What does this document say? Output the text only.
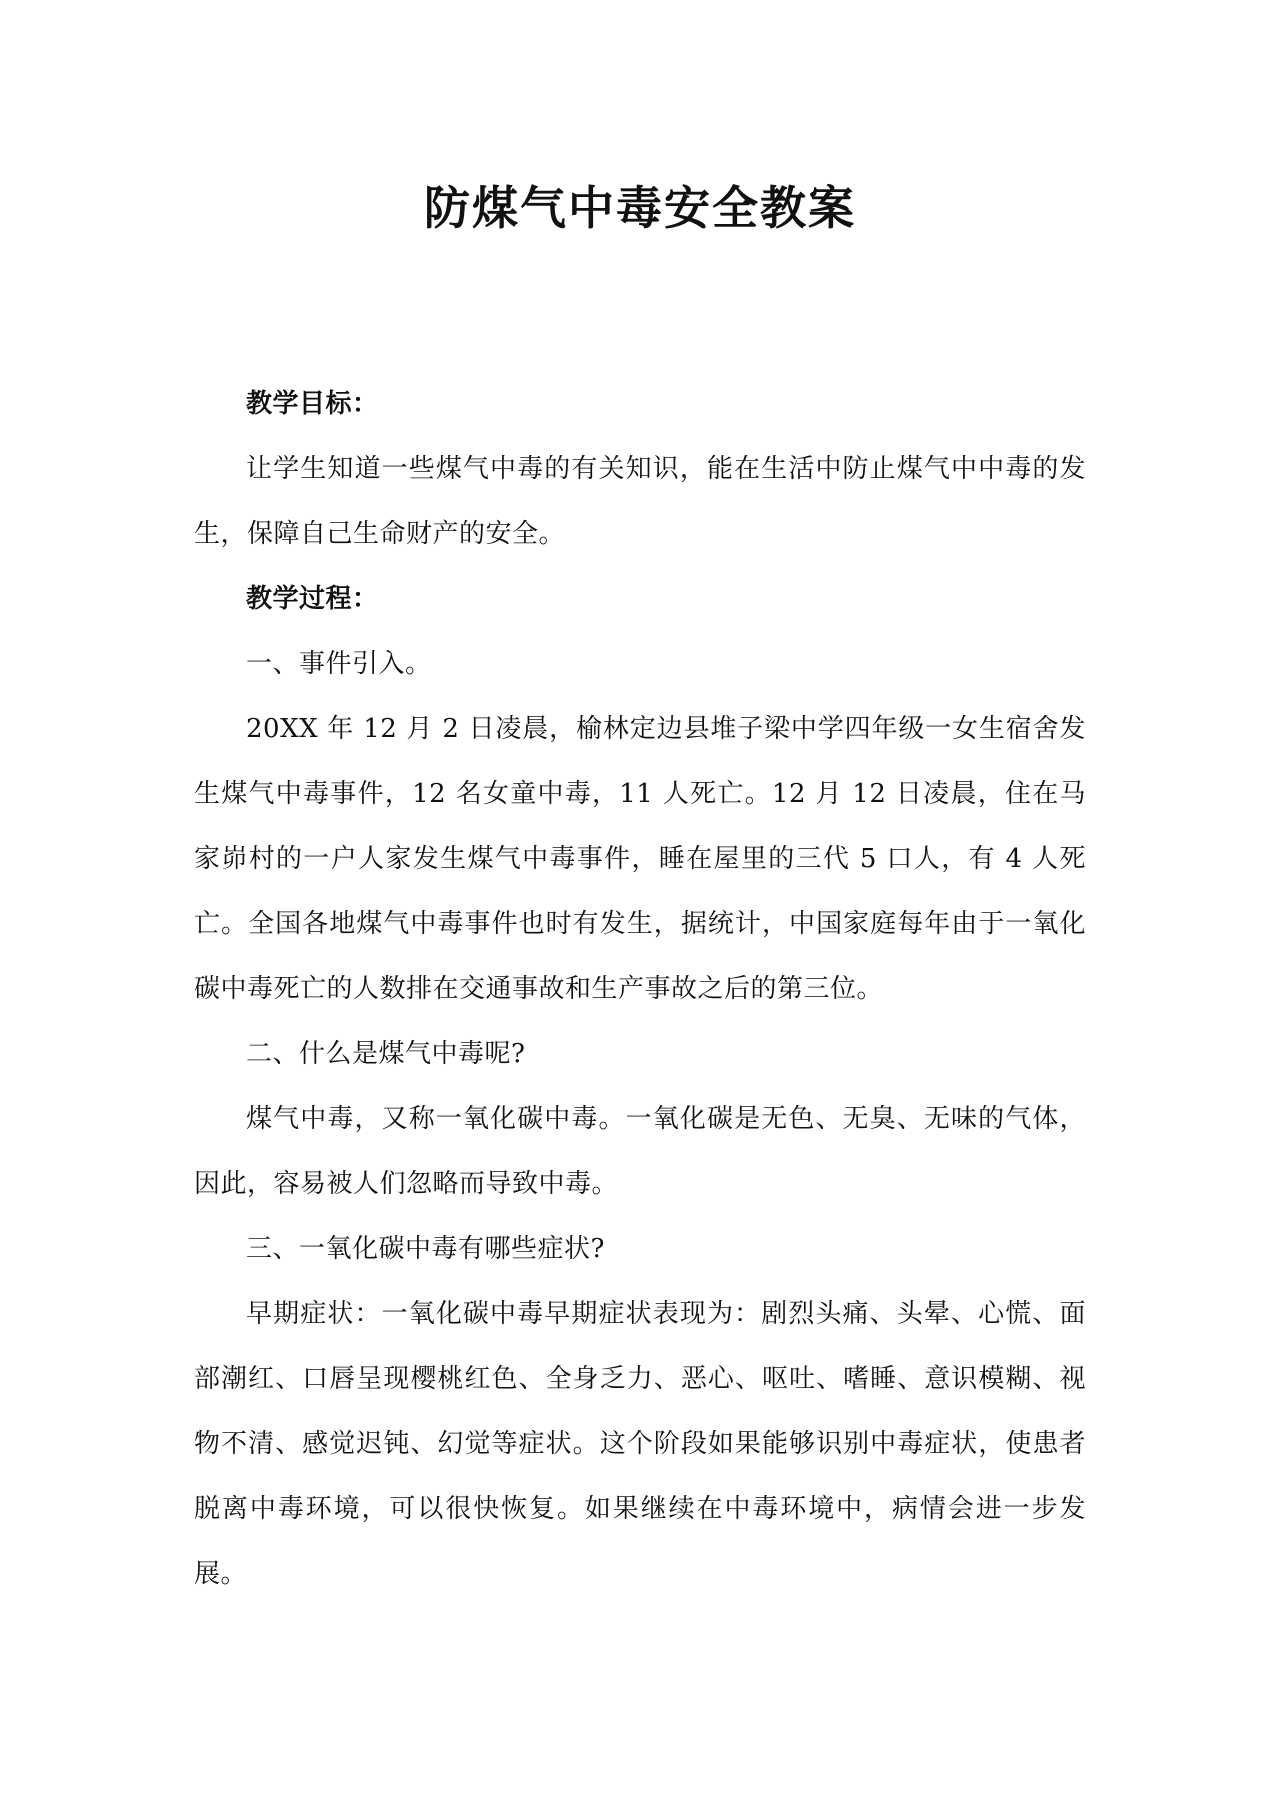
防煤气中毒安全教案

教学目标：

让学生知道一些煤气中毒的有关知识，能在生活中防止煤气中中毒的发生，保障自己生命财产的安全。

教学过程：

一、事件引入。

20XX 年 12 月 2 日凌晨，榆林定边县堆子梁中学四年级一女生宿舍发生煤气中毒事件，12 名女童中毒，11 人死亡。12 月 12 日凌晨，住在马家峁村的一户人家发生煤气中毒事件，睡在屋里的三代 5 口人，有 4 人死亡。全国各地煤气中毒事件也时有发生，据统计，中国家庭每年由于一氧化碳中毒死亡的人数排在交通事故和生产事故之后的第三位。

二、什么是煤气中毒呢?

煤气中毒，又称一氧化碳中毒。一氧化碳是无色、无臭、无味的气体，因此，容易被人们忽略而导致中毒。

三、一氧化碳中毒有哪些症状?

早期症状：一氧化碳中毒早期症状表现为：剧烈头痛、头晕、心慌、面部潮红、口唇呈现樱桃红色、全身乏力、恶心、呕吐、嗜睡、意识模糊、视物不清、感觉迟钝、幻觉等症状。这个阶段如果能够识别中毒症状，使患者脱离中毒环境，可以很快恢复。如果继续在中毒环境中，病情会进一步发展。
